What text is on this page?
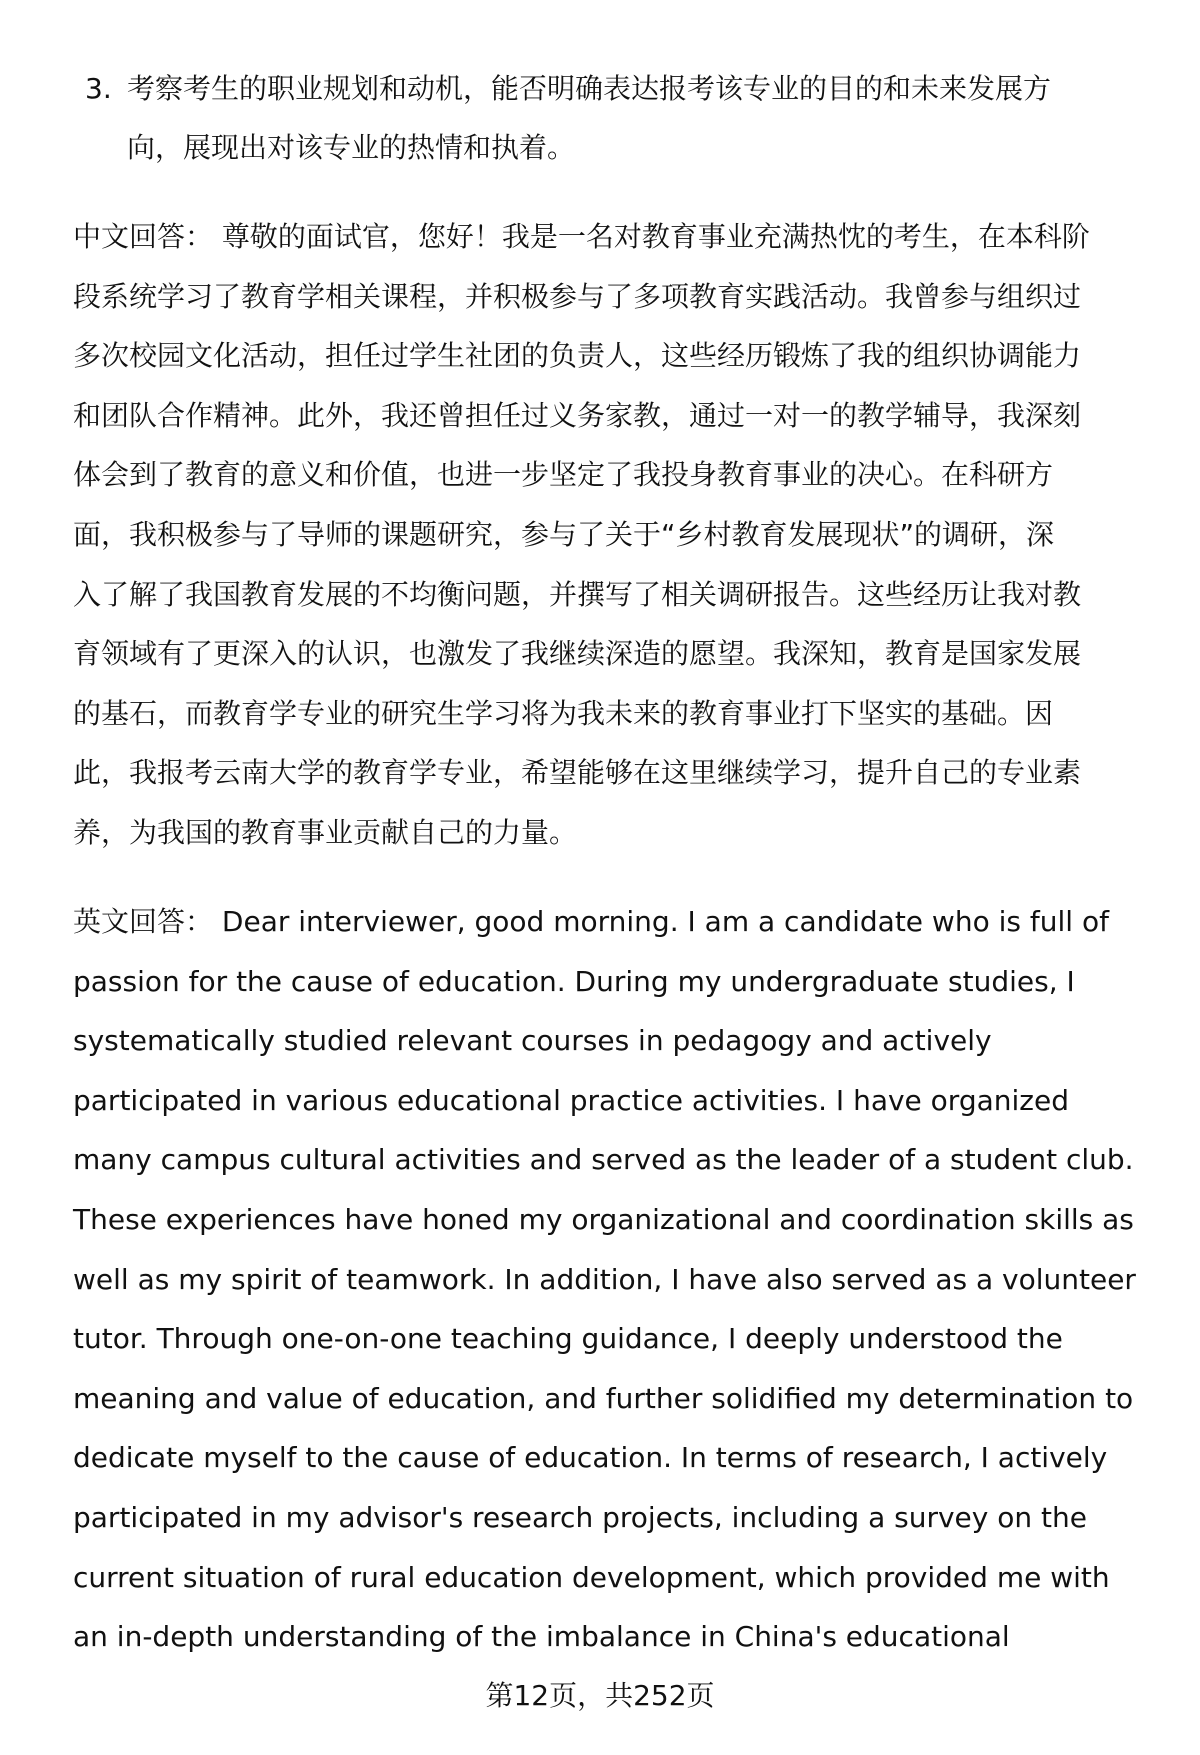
3. 考察考生的职业规划和动机，能否明确表达报考该专业的目的和未来发展方
向，展现出对该专业的热情和执着。
中文回答： 尊敬的面试官，您好！我是一名对教育事业充满热忱的考生，在本科阶
段系统学习了教育学相关课程，并积极参与了多项教育实践活动。我曾参与组织过
多次校园文化活动，担任过学生社团的负责人，这些经历锻炼了我的组织协调能力
和团队合作精神。此外，我还曾担任过义务家教，通过一对一的教学辅导，我深刻
体会到了教育的意义和价值，也进一步坚定了我投身教育事业的决心。在科研方
面，我积极参与了导师的课题研究，参与了关于“乡村教育发展现状”的调研，深
入了解了我国教育发展的不均衡问题，并撰写了相关调研报告。这些经历让我对教
育领域有了更深入的认识，也激发了我继续深造的愿望。我深知，教育是国家发展
的基石，而教育学专业的研究生学习将为我未来的教育事业打下坚实的基础。因
此，我报考云南大学的教育学专业，希望能够在这里继续学习，提升自己的专业素
养，为我国的教育事业贡献自己的力量。
英文回答： Dear interviewer, good morning. I am a candidate who is full of
passion for the cause of education. During my undergraduate studies, I
systematically studied relevant courses in pedagogy and actively
participated in various educational practice activities. I have organized
many campus cultural activities and served as the leader of a student club.
These experiences have honed my organizational and coordination skills as
well as my spirit of teamwork. In addition, I have also served as a volunteer
tutor. Through one-on-one teaching guidance, I deeply understood the
meaning and value of education, and further solidified my determination to
dedicate myself to the cause of education. In terms of research, I actively
participated in my advisor's research projects, including a survey on the
current situation of rural education development, which provided me with
an in-depth understanding of the imbalance in China's educational
第12页，共252页
